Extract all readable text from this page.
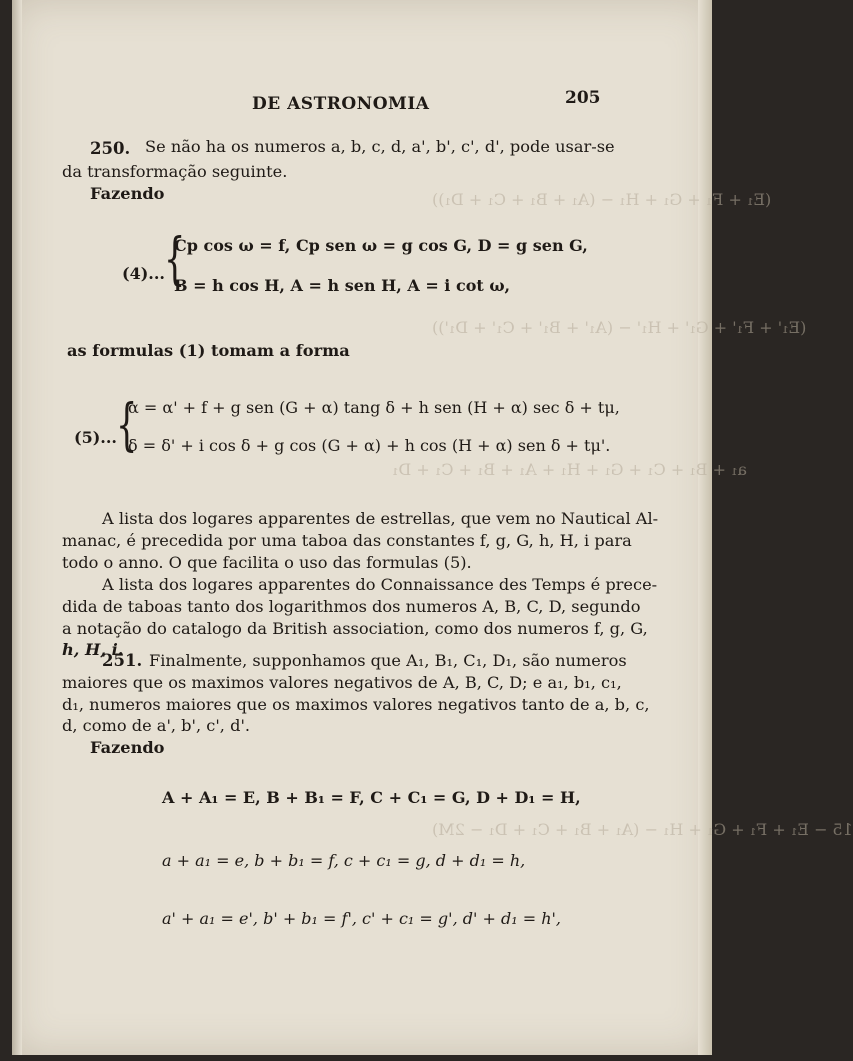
(E₁ + F₁ + G₁ + H₁ − (A₁ + B₁ + C₁ + D₁))
(E₁' + F₁' + G₁' + H₁' − (A₁' + B₁' + C₁' + D₁'))
a₁ + B₁ + C₁ + G₁ + H₁ + A₁ + B₁ + C₁ + D₁
15 − E₁ + F₁ + G₁ + H₁ − (A₁ + B₁ + C₁ + D₁ − 2M)
DE ASTRONOMIA	205
250. Se não ha os numeros a, b, c, d, a', b', c', d', pode usar-se
da transformação seguinte.
Fazendo
(4)... {
Cp cos ω = f, Cp sen ω = g cos G, D = g sen G,
B = h cos H, A = h sen H, A = i cot ω,
as formulas (1) tomam a forma
(5)... {
α = α' + f + g sen (G + α) tang δ + h sen (H + α) sec δ + tμ,
δ = δ' + i cos δ + g cos (G + α) + h cos (H + α) sen δ + tμ'.
A lista dos logares apparentes de estrellas, que vem no Nautical Al-
manac, é precedida por uma taboa das constantes f, g, G, h, H, i para
todo o anno. O que facilita o uso das formulas (5).
A lista dos logares apparentes do Connaissance des Temps é prece-
dida de taboas tanto dos logarithmos dos numeros A, B, C, D, segundo
a notação do catalogo da British association, como dos numeros f, g, G,
h, H, i.
251. Finalmente, supponhamos que A₁, B₁, C₁, D₁, são numeros
maiores que os maximos valores negativos de A, B, C, D; e a₁, b₁, c₁,
d₁, numeros maiores que os maximos valores negativos tanto de a, b, c,
d, como de a', b', c', d'.
Fazendo
A + A₁ = E, B + B₁ = F, C + C₁ = G, D + D₁ = H,
a + a₁ = e, b + b₁ = f, c + c₁ = g, d + d₁ = h,
a' + a₁ = e', b' + b₁ = f', c' + c₁ = g', d' + d₁ = h',
